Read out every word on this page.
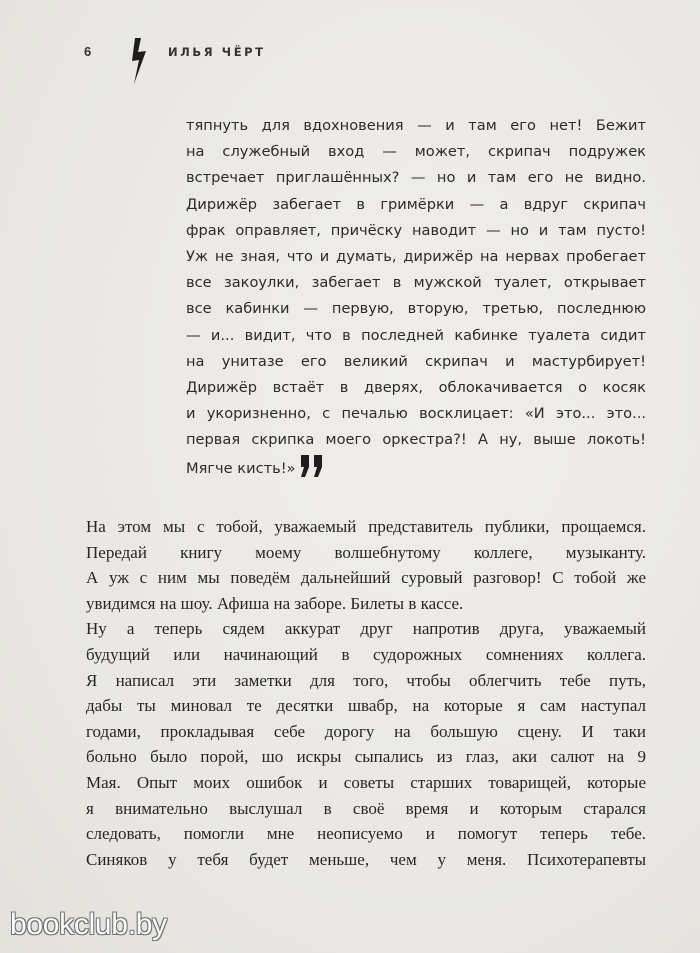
6	ИЛЬЯ ЧЁРТ
тяпнуть для вдохновения — и там его нет! Бежит
на служебный вход — может, скрипач подружек
встречает приглашённых? — но и там его не видно.
Дирижёр забегает в гримёрки — а вдруг скрипач
фрак оправляет, причёску наводит — но и там пусто!
Уж не зная, что и думать, дирижёр на нервах пробегает
все закоулки, забегает в мужской туалет, открывает
все кабинки — первую, вторую, третью, последнюю
— и... видит, что в последней кабинке туалета сидит
на унитазе его великий скрипач и мастурбирует!
Дирижёр встаёт в дверях, облокачивается о косяк
и укоризненно, с печалью восклицает: «И это... это...
первая скрипка моего оркестра?! А ну, выше локоть!
Мягче кисть!»
На этом мы с тобой, уважаемый представитель публики, прощаемся.
Передай книгу моему волшебнутому коллеге, музыканту.
А уж с ним мы поведём дальнейший суровый разговор! С тобой же
увидимся на шоу. Афиша на заборе. Билеты в кассе.
Ну а теперь сядем аккурат друг напротив друга, уважаемый
будущий или начинающий в судорожных сомнениях коллега.
Я написал эти заметки для того, чтобы облегчить тебе путь,
дабы ты миновал те десятки швабр, на которые я сам наступал
годами, прокладывая себе дорогу на большую сцену. И таки
больно было порой, шо искры сыпались из глаз, аки салют на 9
Мая. Опыт моих ошибок и советы старших товарищей, которые
я внимательно выслушал в своё время и которым старался
следовать, помогли мне неописуемо и помогут теперь тебе.
Синяков у тебя будет меньше, чем у меня. Психотерапевты
bookclub.by
